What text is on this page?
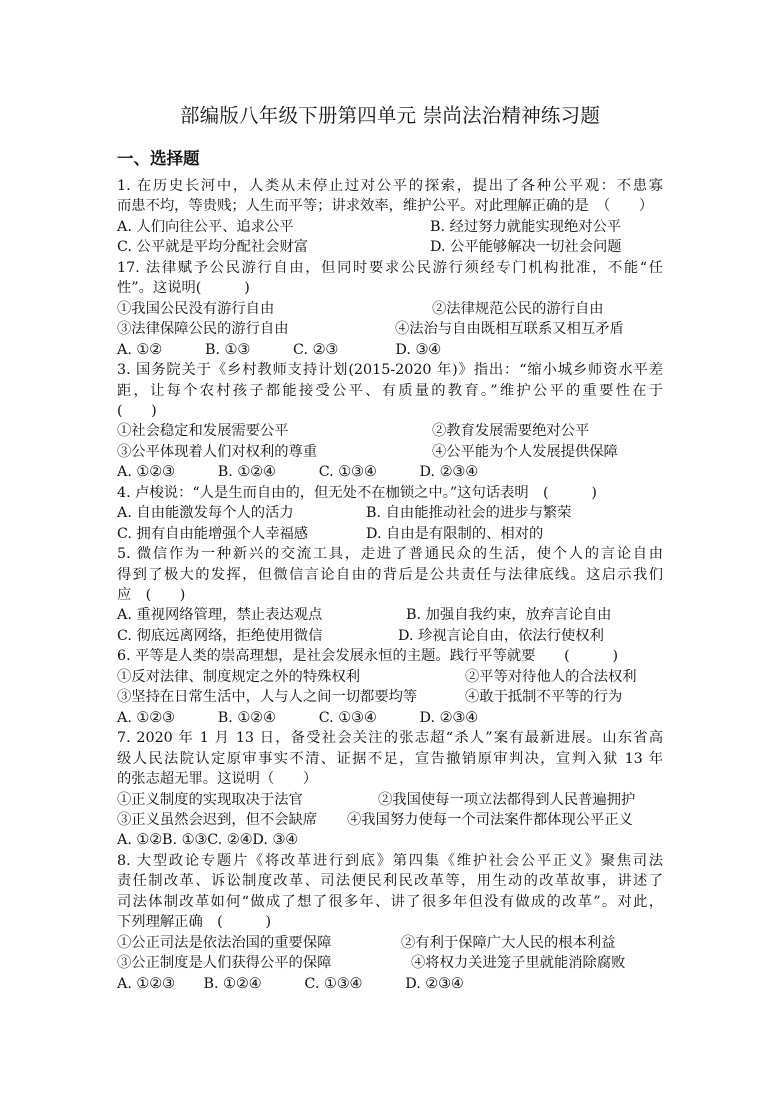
部编版八年级下册第四单元 崇尚法治精神练习题
一、选择题
1. 在历史长河中，人类从未停止过对公平的探索，提出了各种公平观：不患寡
而患不均，等贵贱；人生而平等；讲求效率，维护公平。对此理解正确的是　（　　）
A. 人们向往公平、追求公平	B. 经过努力就能实现绝对公平
C. 公平就是平均分配社会财富	D. 公平能够解决一切社会问题
17. 法律赋予公民游行自由，但同时要求公民游行须经专门机构批准，不能“任
性”。这说明(　　　)
①我国公民没有游行自由	②法律规范公民的游行自由
③法律保障公民的游行自由	④法治与自由既相互联系又相互矛盾
A. ①②　　　B. ①③　　　C. ②③　　　　D. ③④
3. 国务院关于《乡村教师支持计划(2015-2020 年)》指出：“缩小城乡师资水平差
距，让每个农村孩子都能接受公平、有质量的教育。”维护公平的重要性在于
(　　)
①社会稳定和发展需要公平	②教育发展需要绝对公平
③公平体现着人们对权利的尊重	④公平能为个人发展提供保障
A. ①②③　　　B. ①②④　　　C. ①③④　　　D. ②③④
4. 卢梭说：“人是生而自由的，但无处不在枷锁之中。”这句话表明　(　　　)
A. 自由能激发每个人的活力	B. 自由能推动社会的进步与繁荣
C. 拥有自由能增强个人幸福感	D. 自由是有限制的、相对的
5. 微信作为一种新兴的交流工具，走进了普通民众的生活，使个人的言论自由
得到了极大的发挥，但微信言论自由的背后是公共责任与法律底线。这启示我们
应　(　　)
A. 重视网络管理，禁止表达观点	B. 加强自我约束，放弃言论自由
C. 彻底远离网络，拒绝使用微信	D. 珍视言论自由，依法行使权利
6. 平等是人类的崇高理想，是社会发展永恒的主题。践行平等就要　　(　　　)
①反对法律、制度规定之外的特殊权利	②平等对待他人的合法权利
③坚持在日常生活中，人与人之间一切都要均等	④敢于抵制不平等的行为
A. ①②③　　　B. ①②④　　　C. ①③④　　　D. ②③④
7. 2020 年 1 月 13 日，备受社会关注的张志超“杀人”案有最新进展。山东省高
级人民法院认定原审事实不清、证据不足，宣告撤销原审判决，宣判入狱 13 年
的张志超无罪。这说明（　　）
①正义制度的实现取决于法官	②我国使每一项立法都得到人民普遍拥护
③正义虽然会迟到，但不会缺席 ④我国努力使每一个司法案件都体现公平正义
A. ①②B. ①③C. ②④D. ③④
8. 大型政论专题片《将改革进行到底》第四集《维护社会公平正义》聚焦司法
责任制改革、诉讼制度改革、司法便民利民改革等，用生动的改革故事，讲述了
司法体制改革如何“做成了想了很多年、讲了很多年但没有做成的改革”。对此，
下列理解正确　(　　　)
①公正司法是依法治国的重要保障	②有利于保障广大人民的根本利益
③公正制度是人们获得公平的保障	④将权力关进笼子里就能消除腐败
A. ①②③　　B. ①②④　　　C. ①③④　　　D. ②③④
